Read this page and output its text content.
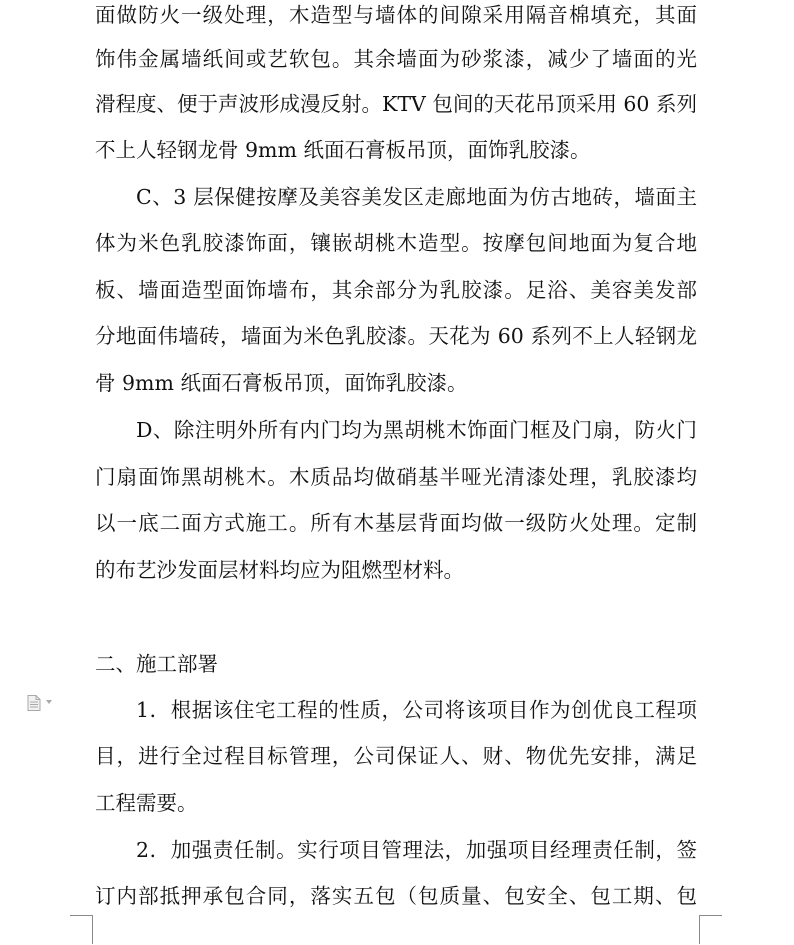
面做防火一级处理，木造型与墙体的间隙采用隔音棉填充，其面
饰伟金属墙纸间或艺软包。其余墙面为砂浆漆，减少了墙面的光
滑程度、便于声波形成漫反射。KTV 包间的天花吊顶采用 60 系列
不上人轻钢龙骨 9mm 纸面石膏板吊顶，面饰乳胶漆。
C、3 层保健按摩及美容美发区走廊地面为仿古地砖，墙面主
体为米色乳胶漆饰面，镶嵌胡桃木造型。按摩包间地面为复合地
板、墙面造型面饰墙布，其余部分为乳胶漆。足浴、美容美发部
分地面伟墙砖，墙面为米色乳胶漆。天花为 60 系列不上人轻钢龙
骨 9mm 纸面石膏板吊顶，面饰乳胶漆。
D、除注明外所有内门均为黑胡桃木饰面门框及门扇，防火门
门扇面饰黑胡桃木。木质品均做硝基半哑光清漆处理，乳胶漆均
以一底二面方式施工。所有木基层背面均做一级防火处理。定制
的布艺沙发面层材料均应为阻燃型材料。
二、施工部署
1．根据该住宅工程的性质，公司将该项目作为创优良工程项
目，进行全过程目标管理，公司保证人、财、物优先安排，满足
工程需要。
2．加强责任制。实行项目管理法，加强项目经理责任制，签
订内部抵押承包合同，落实五包（包质量、包安全、包工期、包
